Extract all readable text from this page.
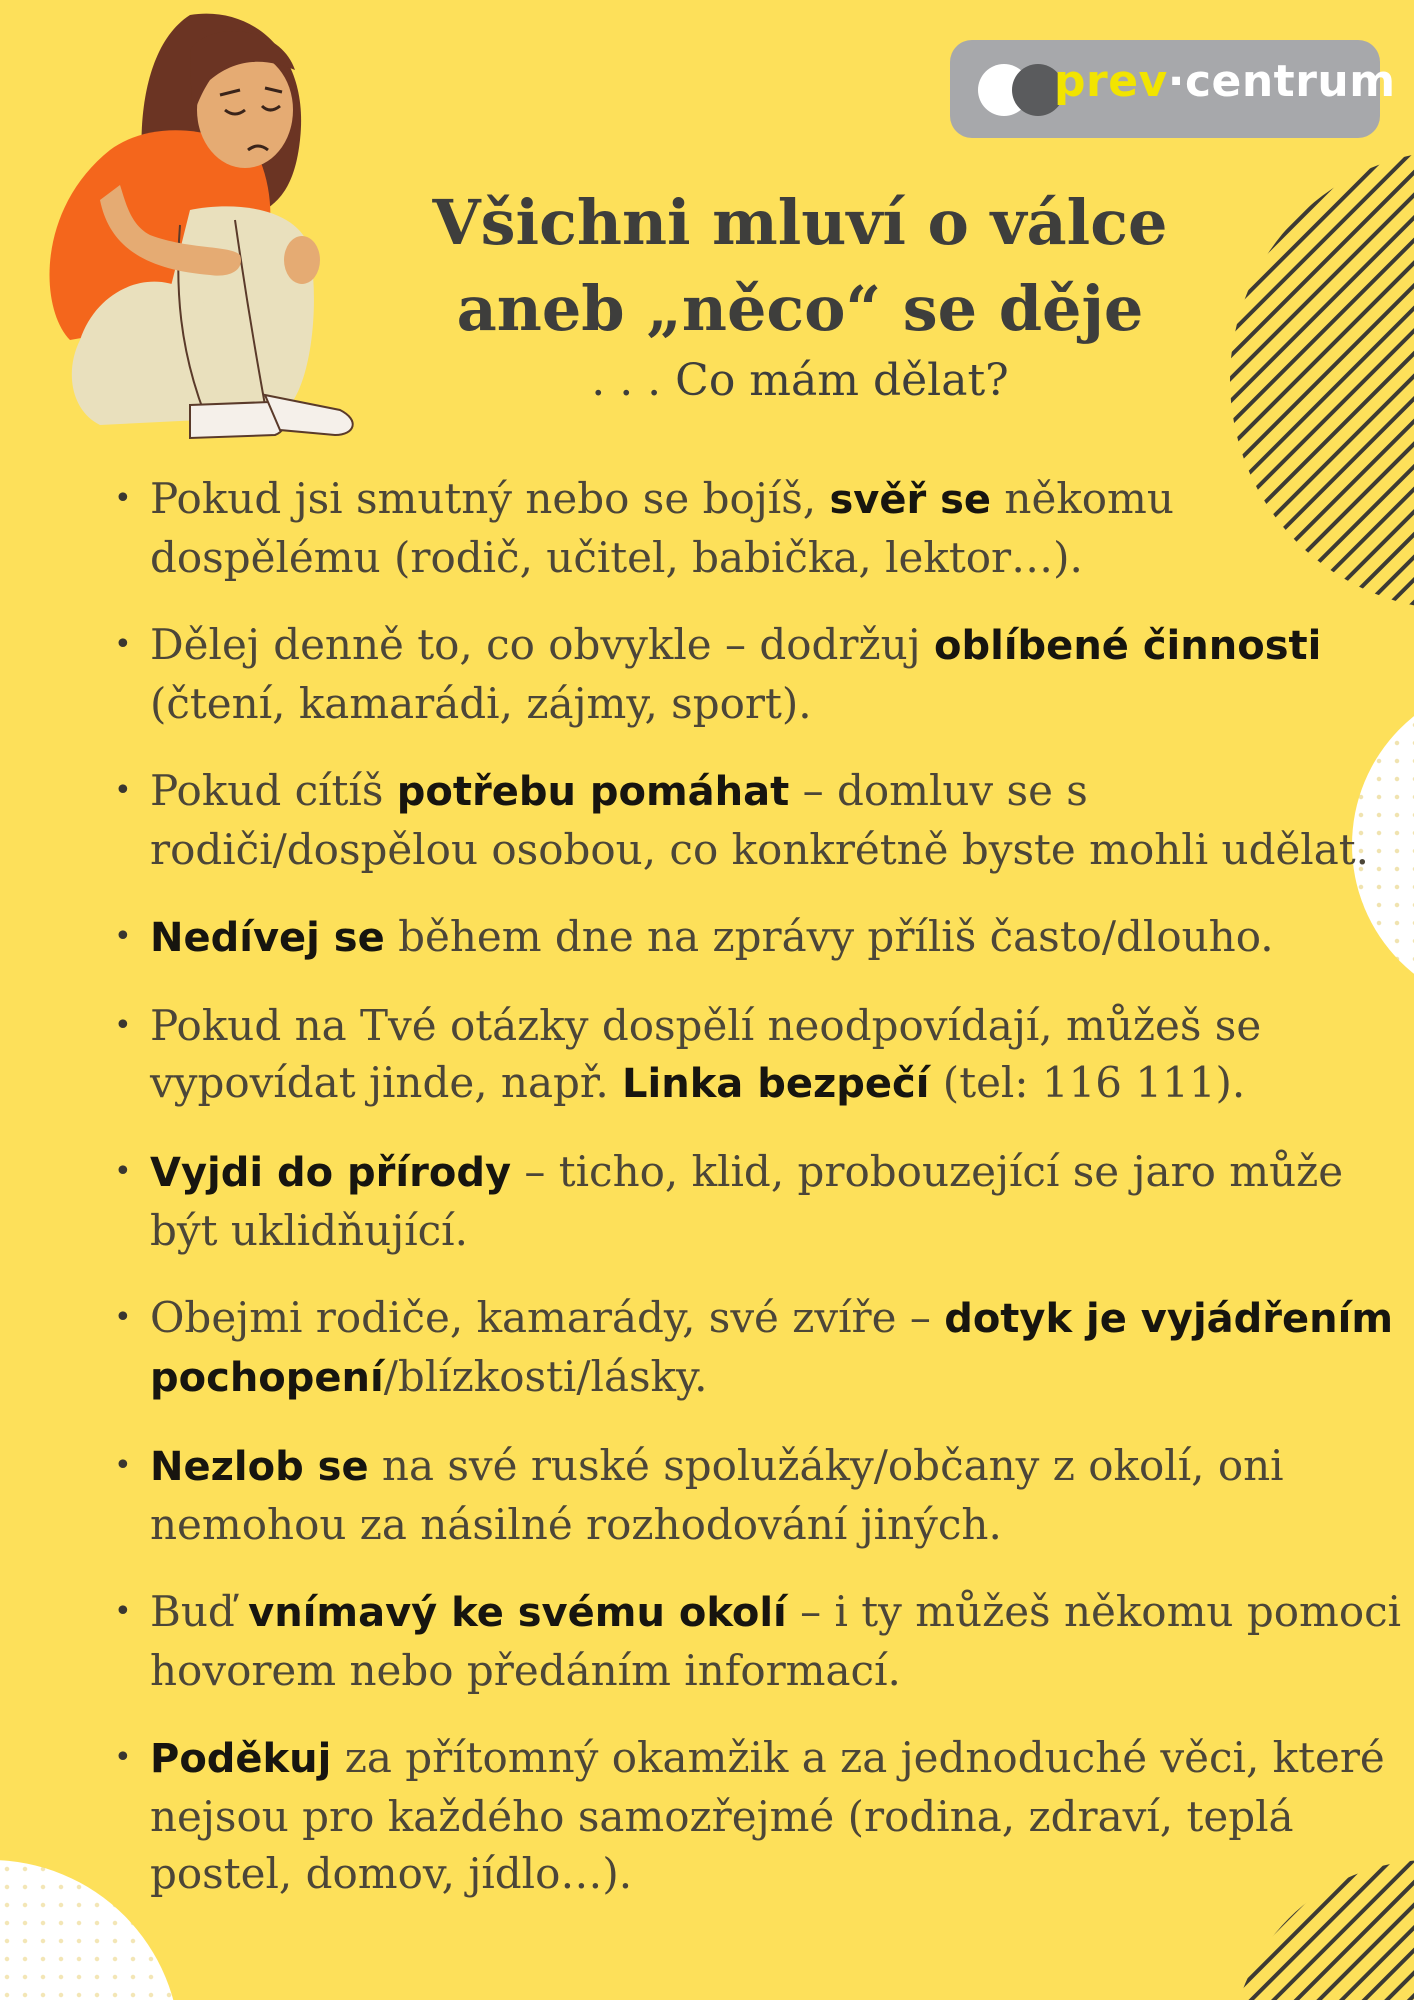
prev·centrum
Všichni mluví o válce
aneb „něco“ se děje
. . . Co mám dělat?
• Pokud jsi smutný nebo se bojíš, svěř se někomu dospělému (rodič, učitel, babička, lektor…).
• Dělej denně to, co obvykle – dodržuj oblíbené činnosti (čtení, kamarádi, zájmy, sport).
• Pokud cítíš potřebu pomáhat – domluv se s rodiči/dospělou osobou, co konkrétně byste mohli udělat.
• Nedívej se během dne na zprávy příliš často/dlouho.
• Pokud na Tvé otázky dospělí neodpovídají, můžeš se vypovídat jinde, např. Linka bezpečí (tel: 116 111).
• Vyjdi do přírody – ticho, klid, probouzející se jaro může být uklidňující.
• Obejmi rodiče, kamarády, své zvíře – dotyk je vyjádřením pochopení/blízkosti/lásky.
• Nezlob se na své ruské spolužáky/občany z okolí, oni nemohou za násilné rozhodování jiných.
• Buď vnímavý ke svému okolí – i ty můžeš někomu pomoci hovorem nebo předáním informací.
• Poděkuj za přítomný okamžik a za jednoduché věci, které nejsou pro každého samozřejmé (rodina, zdraví, teplá postel, domov, jídlo…).
